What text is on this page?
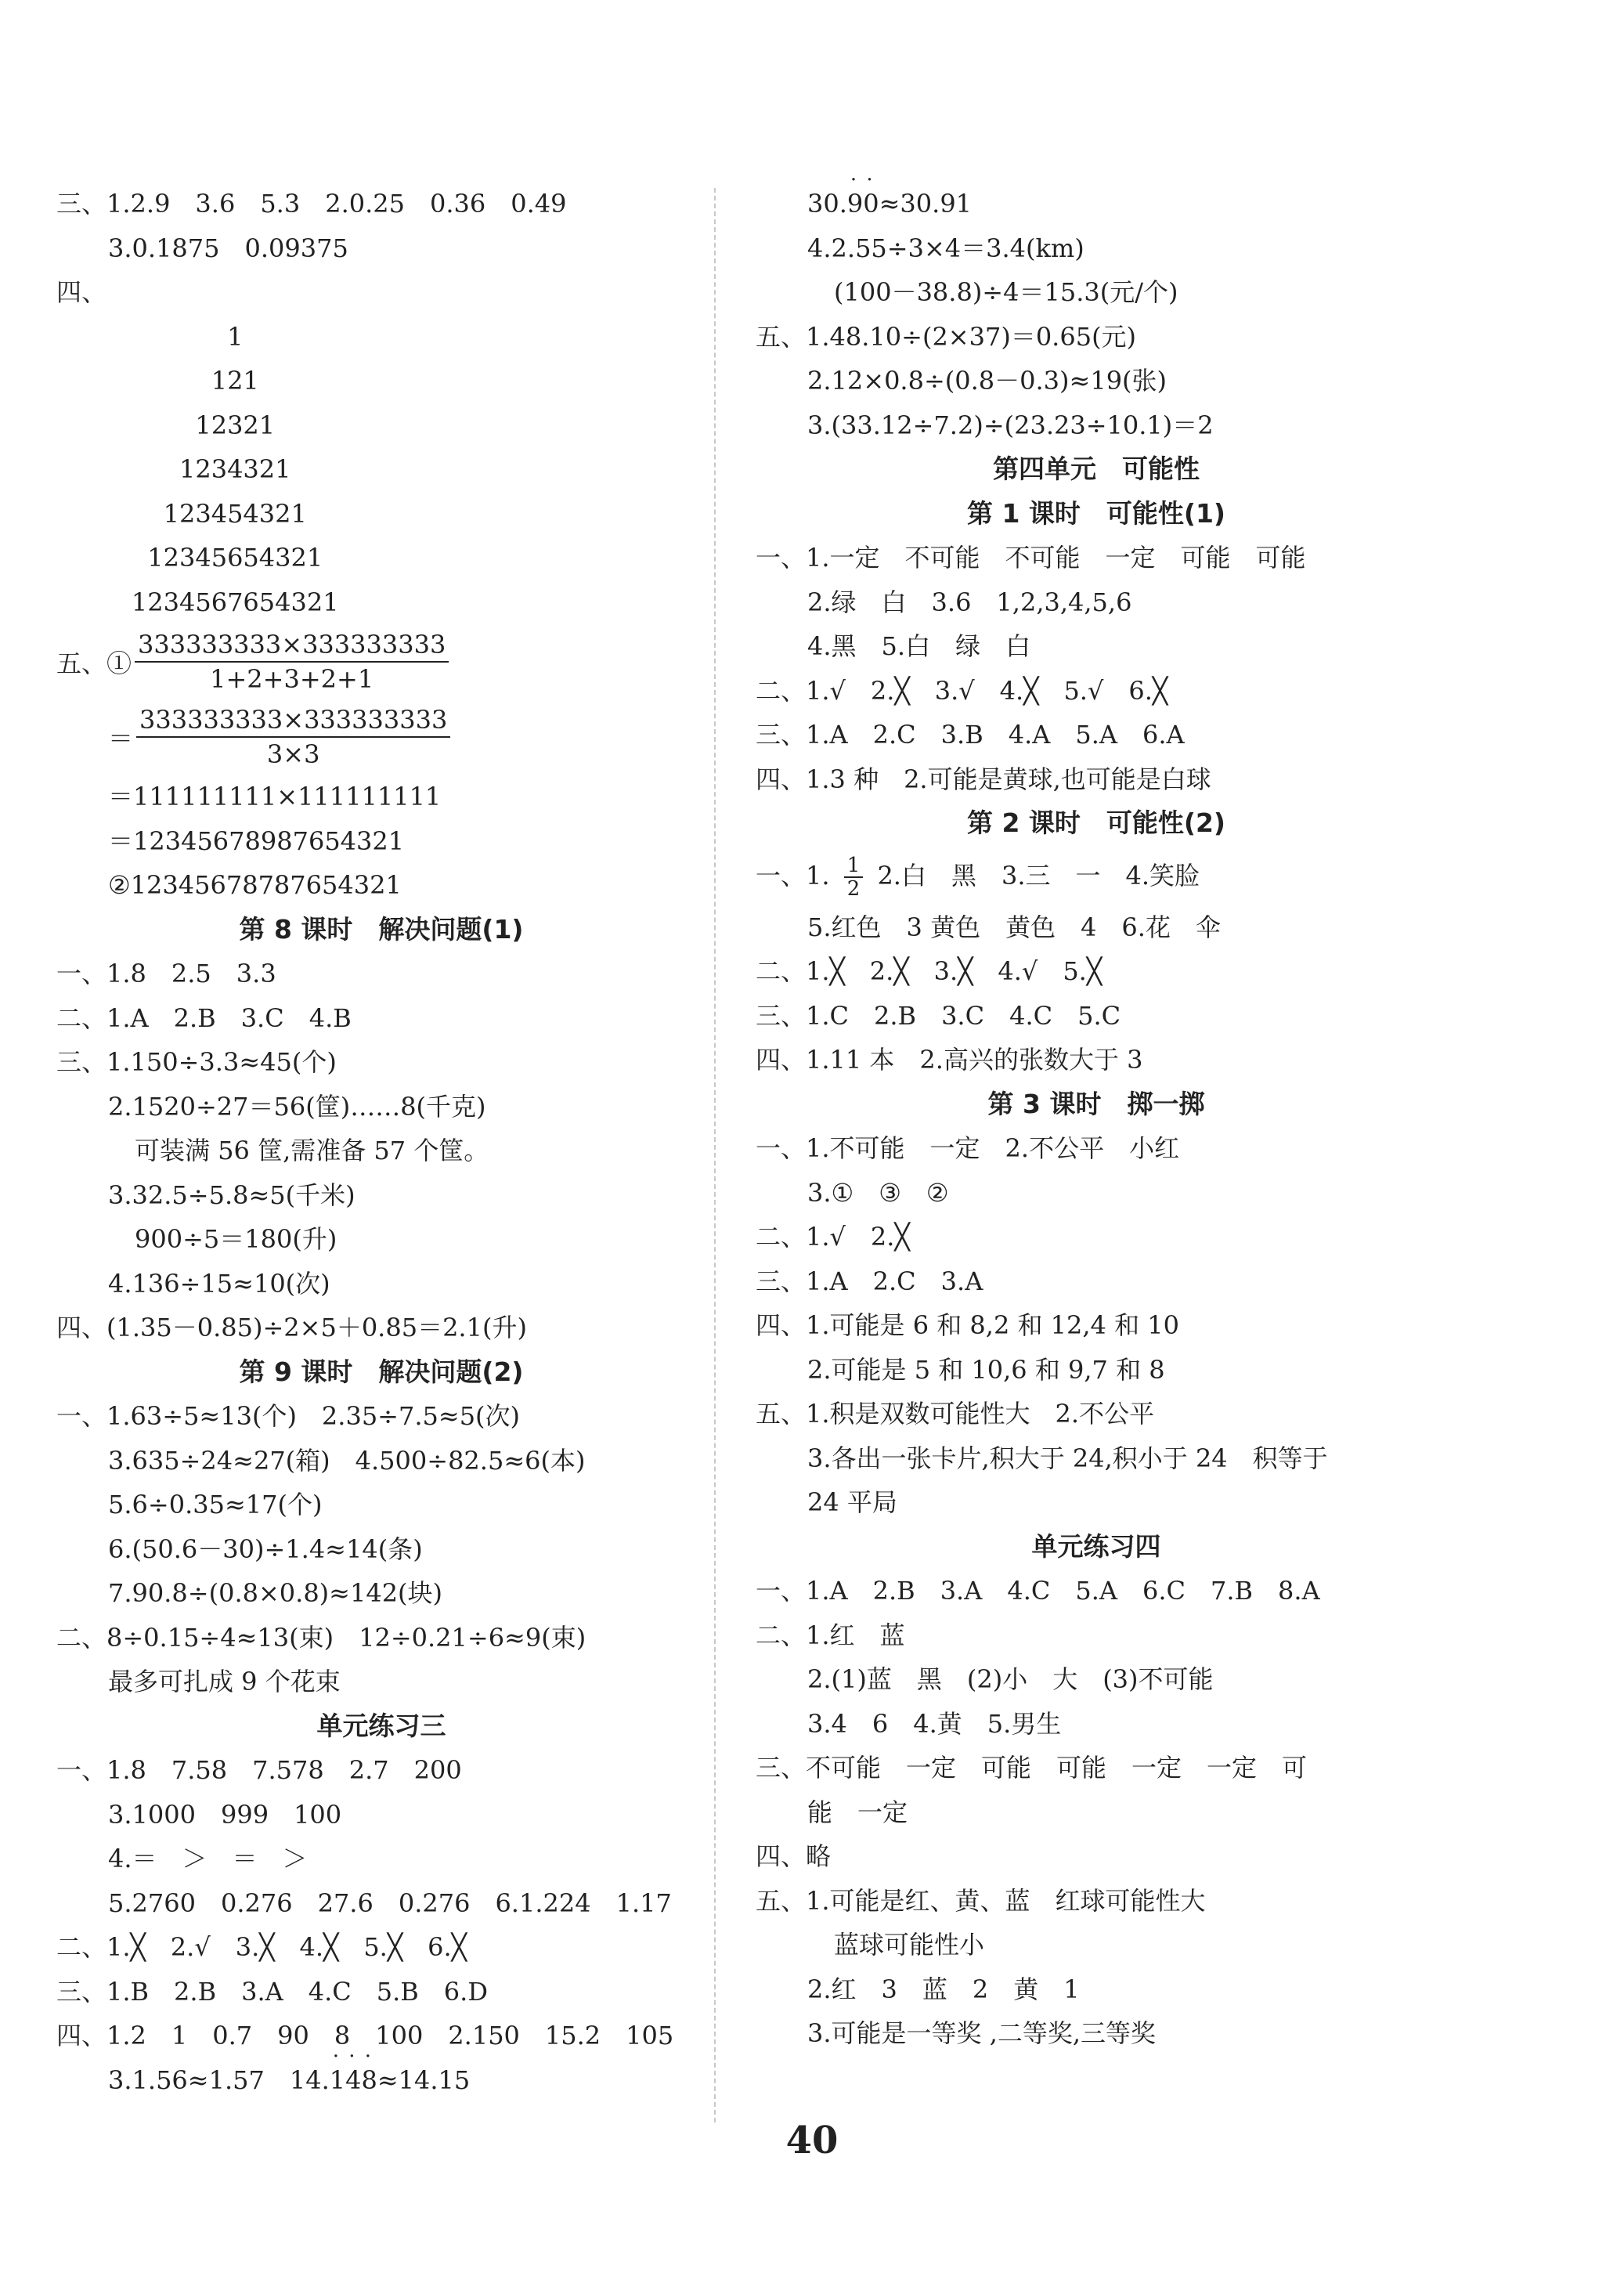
三、1.2.9　3.6　5.3　2.0.25　0.36　0.49
3.0.1875　0.09375
四、
1
121
12321
1234321
123454321
12345654321
1234567654321
五、① $\frac{333333333\times 333333333}{1+2+3+2+1}$
＝ $\frac{333333333\times 333333333}{3\times 3}$
＝111111111×111111111
＝12345678987654321
②12345678787654321
第 8 课时　解决问题(1)
一、1.8　2.5　3.3
二、1.A　2.B　3.C　4.B
三、1.150÷3.3≈45(个)
2.1520÷27＝56(筐)……8(千克)
可装满 56 筐,需准备 57 个筐。
3.32.5÷5.8≈5(千米)
900÷5＝180(升)
4.136÷15≈10(次)
四、(1.35－0.85)÷2×5＋0.85＝2.1(升)
第 9 课时　解决问题(2)
一、1.63÷5≈13(个)　2.35÷7.5≈5(次)
3.635÷24≈27(箱)　4.500÷82.5≈6(本)
5.6÷0.35≈17(个)
6.(50.6－30)÷1.4≈14(条)
7.90.8÷(0.8×0.8)≈142(块)
二、8÷0.15÷4≈13(束)　12÷0.21÷6≈9(束)
最多可扎成 9 个花束
单元练习三
一、1.8　7.58　7.578　2.7　200
3.1000　999　100
4.＝　＞　＝　＞
5.2760　0.276　27.6　0.276　6.1.224　1.17
二、1.╳　2.√　3.╳　4.╳　5.╳　6.╳
三、1.B　2.B　3.A　4.C　5.B　6.D
四、1.2　1　0.7　90　8　100　2.150　15.2　105
3.1.56≈1.57　14.· · · 148≈14.15
30.· · 90≈30.91
4.2.55÷3×4＝3.4(km)
(100－38.8)÷4＝15.3(元/个)
五、1.48.10÷(2×37)＝0.65(元)
2.12×0.8÷(0.8－0.3)≈19(张)
3.(33.12÷7.2)÷(23.23÷10.1)＝2
第四单元　可能性
第 1 课时　可能性(1)
一、1.一定　不可能　不可能　一定　可能　可能
2.绿　白　3.6　1,2,3,4,5,6
4.黑　5.白　绿　白
二、1.√　2.╳　3.√　4.╳　5.√　6.╳
三、1.A　2.C　3.B　4.A　5.A　6.A
四、1.3 种　2.可能是黄球,也可能是白球
第 2 课时　可能性(2)
一、1. $\frac{1}{2} 2$.白　黑　3.三　一　4.笑脸
5.红色　3 黄色　黄色　4　6.花　伞
二、1.╳　2.╳　3.╳　4.√　5.╳
三、1.C　2.B　3.C　4.C　5.C
四、1.11 本　2.高兴的张数大于 3
第 3 课时　掷一掷
一、1.不可能　一定　2.不公平　小红
3.①　③　②
二、1.√　2.╳
三、1.A　2.C　3.A
四、1.可能是 6 和 8,2 和 12,4 和 10
2.可能是 5 和 10,6 和 9,7 和 8
五、1.积是双数可能性大　2.不公平
3.各出一张卡片,积大于 24,积小于 24　积等于
24 平局
单元练习四
一、1.A　2.B　3.A　4.C　5.A　6.C　7.B　8.A
二、1.红　蓝
2.(1)蓝　黑　(2)小　大　(3)不可能
3.4　6　4.黄　5.男生
三、不可能　一定　可能　可能　一定　一定　可
能　一定
四、略
五、1.可能是红、黄、蓝　红球可能性大
蓝球可能性小
2.红　3　蓝　2　黄　1
3.可能是一等奖 ,二等奖,三等奖
40
